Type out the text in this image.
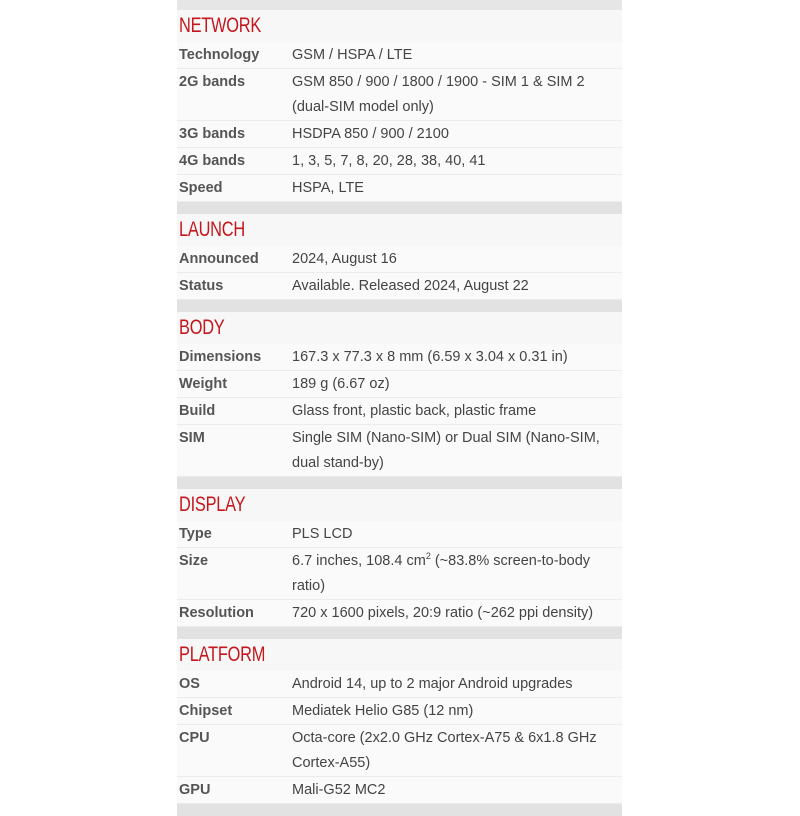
NETWORK
Technology	GSM / HSPA / LTE
2G bands	GSM 850 / 900 / 1800 / 1900 - SIM 1 & SIM 2 (dual-SIM model only)
3G bands	HSDPA 850 / 900 / 2100
4G bands	1, 3, 5, 7, 8, 20, 28, 38, 40, 41
Speed	HSPA, LTE
LAUNCH
Announced	2024, August 16
Status	Available. Released 2024, August 22
BODY
Dimensions	167.3 x 77.3 x 8 mm (6.59 x 3.04 x 0.31 in)
Weight	189 g (6.67 oz)
Build	Glass front, plastic back, plastic frame
SIM	Single SIM (Nano-SIM) or Dual SIM (Nano-SIM, dual stand-by)
DISPLAY
Type	PLS LCD
Size	6.7 inches, 108.4 $cm^2$ (~83.8% screen-to-body ratio)
Resolution	720 x 1600 pixels, 20:9 ratio (~262 ppi density)
PLATFORM
OS	Android 14, up to 2 major Android upgrades
Chipset	Mediatek Helio G85 (12 nm)
CPU	Octa-core (2x2.0 GHz Cortex-A75 & 6x1.8 GHz Cortex-A55)
GPU	Mali-G52 MC2
